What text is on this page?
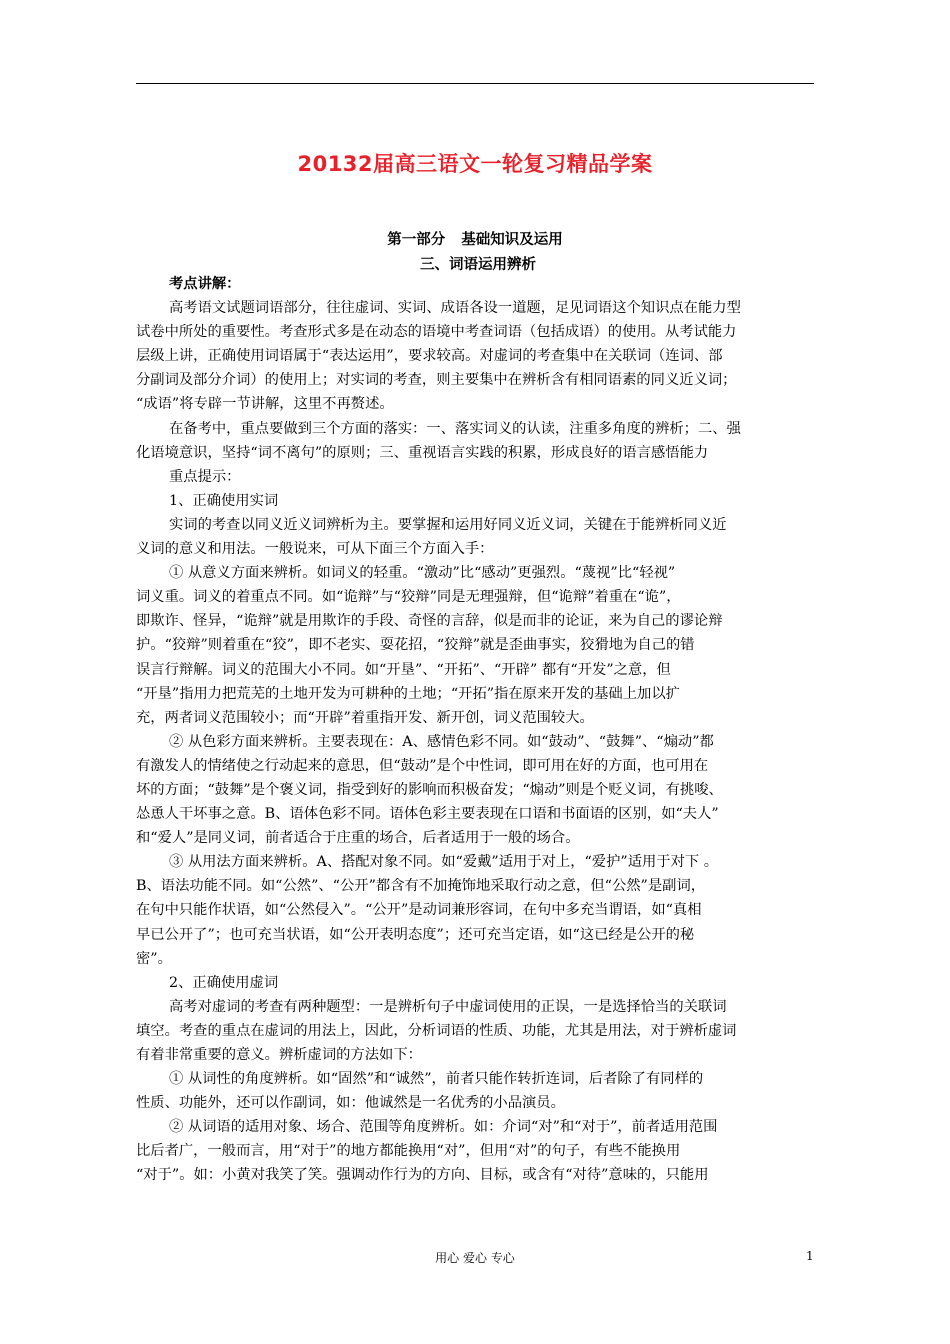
20132届高三语文一轮复习精品学案
第一部分 基础知识及运用
三、词语运用辨析
考点讲解：
高考语文试题词语部分，往往虚词、实词、成语各设一道题，足见词语这个知识点在能力型
试卷中所处的重要性。考查形式多是在动态的语境中考查词语（包括成语）的使用。从考试能力
层级上讲，正确使用词语属于“表达运用”，要求较高。对虚词的考查集中在关联词（连词、部
分副词及部分介词）的使用上；对实词的考查，则主要集中在辨析含有相同语素的同义近义词；
“成语”将专辟一节讲解，这里不再赘述。
在备考中，重点要做到三个方面的落实：一、落实词义的认读，注重多角度的辨析；二、强
化语境意识，坚持“词不离句”的原则；三、重视语言实践的积累，形成良好的语言感悟能力
重点提示：
1、正确使用实词
实词的考查以同义近义词辨析为主。要掌握和运用好同义近义词，关键在于能辨析同义近
义词的意义和用法。一般说来，可从下面三个方面入手：
① 从意义方面来辨析。如词义的轻重。“激动”比“感动”更强烈。“蔑视”比“轻视”
词义重。词义的着重点不同。如“诡辩”与“狡辩”同是无理强辩，但“诡辩”着重在“诡”，
即欺诈、怪异，“诡辩”就是用欺诈的手段、奇怪的言辞，似是而非的论证，来为自己的谬论辩
护。“狡辩”则着重在“狡”，即不老实、耍花招，“狡辩”就是歪曲事实，狡猾地为自己的错
误言行辩解。词义的范围大小不同。如“开垦”、“开拓”、“开辟” 都有“开发”之意，但
“开垦”指用力把荒芜的土地开发为可耕种的土地；“开拓”指在原来开发的基础上加以扩
充，两者词义范围较小；而“开辟”着重指开发、新开创，词义范围较大。
② 从色彩方面来辨析。主要表现在：A、感情色彩不同。如“鼓动”、“鼓舞”、“煽动”都
有激发人的情绪使之行动起来的意思，但“鼓动”是个中性词，即可用在好的方面，也可用在
坏的方面；“鼓舞”是个褒义词，指受到好的影响而积极奋发；“煽动”则是个贬义词，有挑唆、
怂恿人干坏事之意。B、语体色彩不同。语体色彩主要表现在口语和书面语的区别，如“夫人”
和“爱人”是同义词，前者适合于庄重的场合，后者适用于一般的场合。
③ 从用法方面来辨析。A、搭配对象不同。如“爱戴”适用于对上，“爱护”适用于对下 。
B、语法功能不同。如“公然”、“公开”都含有不加掩饰地采取行动之意，但“公然”是副词，
在句中只能作状语，如“公然侵入”。“公开”是动词兼形容词，在句中多充当谓语，如“真相
早已公开了”；也可充当状语，如“公开表明态度”；还可充当定语，如“这已经是公开的秘
密”。
2、正确使用虚词
高考对虚词的考查有两种题型：一是辨析句子中虚词使用的正误，一是选择恰当的关联词
填空。考查的重点在虚词的用法上，因此，分析词语的性质、功能，尤其是用法，对于辨析虚词
有着非常重要的意义。辨析虚词的方法如下：
① 从词性的角度辨析。如“固然”和“诚然”，前者只能作转折连词，后者除了有同样的
性质、功能外，还可以作副词，如：他诚然是一名优秀的小品演员。
② 从词语的适用对象、场合、范围等角度辨析。如：介词“对”和“对于”，前者适用范围
比后者广，一般而言，用“对于”的地方都能换用“对”，但用“对”的句子，有些不能换用
“对于”。如：小黄对我笑了笑。强调动作行为的方向、目标，或含有“对待”意味的，只能用
用心 爱心 专心	1
